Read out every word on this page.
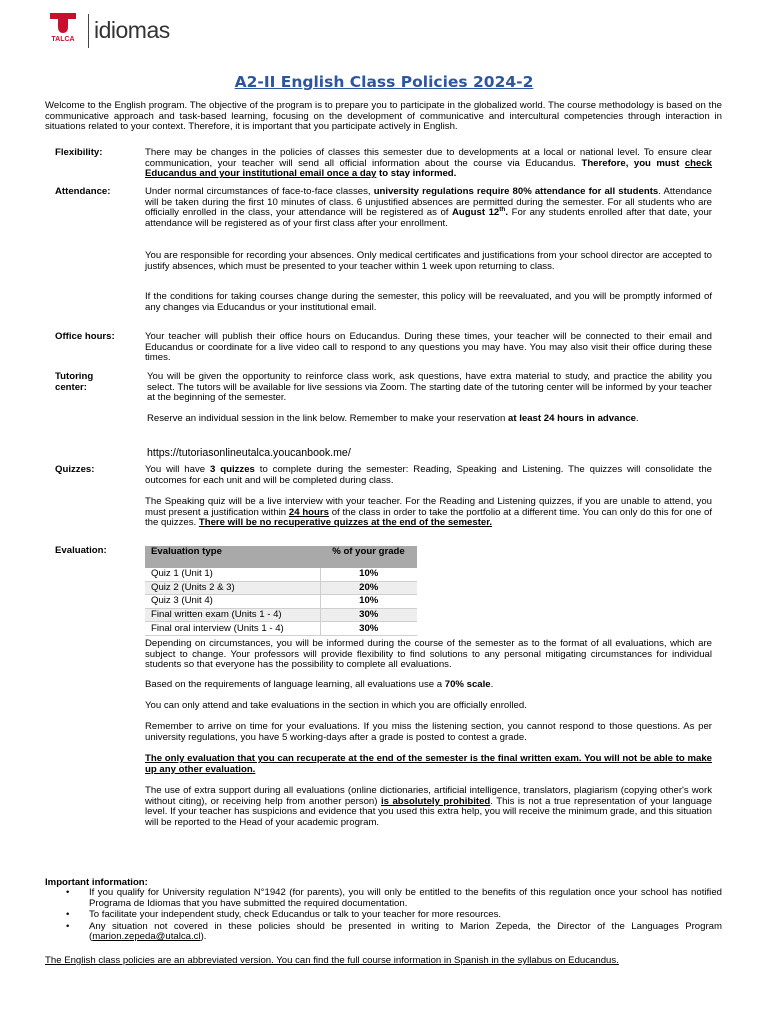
TALCA idiomas
A2-II English Class Policies 2024-2
Welcome to the English program. The objective of the program is to prepare you to participate in the globalized world. The course methodology is based on the communicative approach and task-based learning, focusing on the development of communicative and intercultural competencies through interaction in situations related to your context. Therefore, it is important that you participate actively in English.
Flexibility:	There may be changes in the policies of classes this semester due to developments at a local or national level. To ensure clear communication, your teacher will send all official information about the course via Educandus. Therefore, you must check Educandus and your institutional email once a day to stay informed.
Attendance:	Under normal circumstances of face-to-face classes, university regulations require 80% attendance for all students. Attendance will be taken during the first 10 minutes of class. 6 unjustified absences are permitted during the semester. For all students who are officially enrolled in the class, your attendance will be registered as of August 12th. For any students enrolled after that date, your attendance will be registered as of your first class after your enrollment.
You are responsible for recording your absences. Only medical certificates and justifications from your school director are accepted to justify absences, which must be presented to your teacher within 1 week upon returning to class.
If the conditions for taking courses change during the semester, this policy will be reevaluated, and you will be promptly informed of any changes via Educandus or your institutional email.
Office hours:	Your teacher will publish their office hours on Educandus. During these times, your teacher will be connected to their email and Educandus or coordinate for a live video call to respond to any questions you may have. You may also visit their office during these times.
Tutoring
center:
You will be given the opportunity to reinforce class work, ask questions, have extra material to study, and practice the ability you select. The tutors will be available for live sessions via Zoom. The starting date of the tutoring center will be informed by your teacher at the beginning of the semester.
Reserve an individual session in the link below. Remember to make your reservation at least 24 hours in advance.
https://tutoriasonlineutalca.youcanbook.me/
Quizzes:	You will have 3 quizzes to complete during the semester: Reading, Speaking and Listening. The quizzes will consolidate the outcomes for each unit and will be completed during class.
The Speaking quiz will be a live interview with your teacher. For the Reading and Listening quizzes, if you are unable to attend, you must present a justification within 24 hours of the class in order to take the portfolio at a different time. You can only do this for one of the quizzes. There will be no recuperative quizzes at the end of the semester.
Evaluation:	Evaluation type	% of your grade
Quiz 1 (Unit 1)	10%
Quiz 2 (Units 2 & 3)	20%
Quiz 3 (Unit 4)	10%
Final written exam (Units 1 - 4)	30%
Final oral interview (Units 1 - 4)	30%
Depending on circumstances, you will be informed during the course of the semester as to the format of all evaluations, which are subject to change. Your professors will provide flexibility to find solutions to any personal mitigating circumstances for individual students so that everyone has the possibility to complete all evaluations.
Based on the requirements of language learning, all evaluations use a 70% scale.
You can only attend and take evaluations in the section in which you are officially enrolled.
Remember to arrive on time for your evaluations. If you miss the listening section, you cannot respond to those questions. As per university regulations, you have 5 working-days after a grade is posted to contest a grade.
The only evaluation that you can recuperate at the end of the semester is the final written exam. You will not be able to make up any other evaluation.
The use of extra support during all evaluations (online dictionaries, artificial intelligence, translators, plagiarism (copying other's work without citing), or receiving help from another person) is absolutely prohibited. This is not a true representation of your language level. If your teacher has suspicions and evidence that you used this extra help, you will receive the minimum grade, and this situation will be reported to the Head of your academic program.
Important information:
• If you qualify for University regulation N°1942 (for parents), you will only be entitled to the benefits of this regulation once your school has notified Programa de Idiomas that you have submitted the required documentation.
• To facilitate your independent study, check Educandus or talk to your teacher for more resources.
• Any situation not covered in these policies should be presented in writing to Marion Zepeda, the Director of the Languages Program (marion.zepeda@utalca.cl).
The English class policies are an abbreviated version. You can find the full course information in Spanish in the syllabus on Educandus.
